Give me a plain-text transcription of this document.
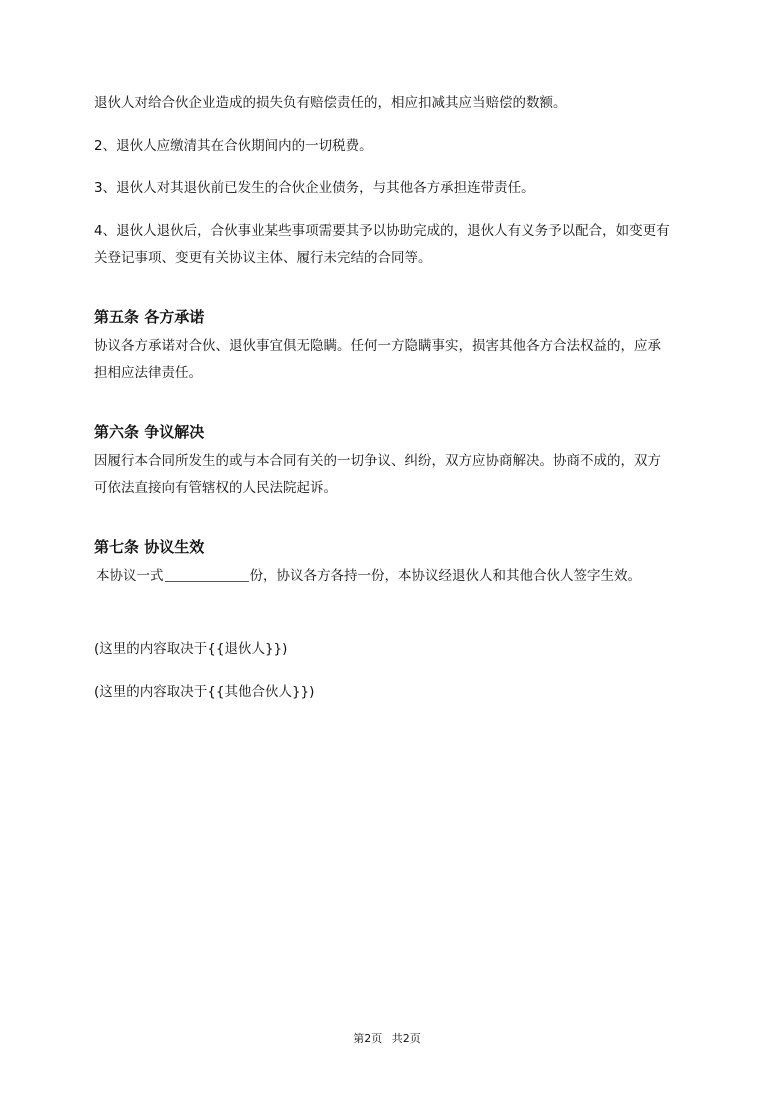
退伙人对给合伙企业造成的损失负有赔偿责任的，相应扣减其应当赔偿的数额。

2、退伙人应缴清其在合伙期间内的一切税费。

3、退伙人对其退伙前已发生的合伙企业债务，与其他各方承担连带责任。

4、退伙人退伙后，合伙事业某些事项需要其予以协助完成的，退伙人有义务予以配合，如变更有

关登记事项、变更有关协议主体、履行未完结的合同等。

第五条 各方承诺

协议各方承诺对合伙、退伙事宜俱无隐瞒。任何一方隐瞒事实，损害其他各方合法权益的，应承

担相应法律责任。

第六条 争议解决

因履行本合同所发生的或与本合同有关的一切争议、纠纷，双方应协商解决。协商不成的，双方

可依法直接向有管辖权的人民法院起诉。

第七条 协议生效

本协议一式	份，协议各方各持一份，本协议经退伙人和其他合伙人签字生效。

(这里的内容取决于{{退伙人}})

(这里的内容取决于{{其他合伙人}})

第2页 共2页
